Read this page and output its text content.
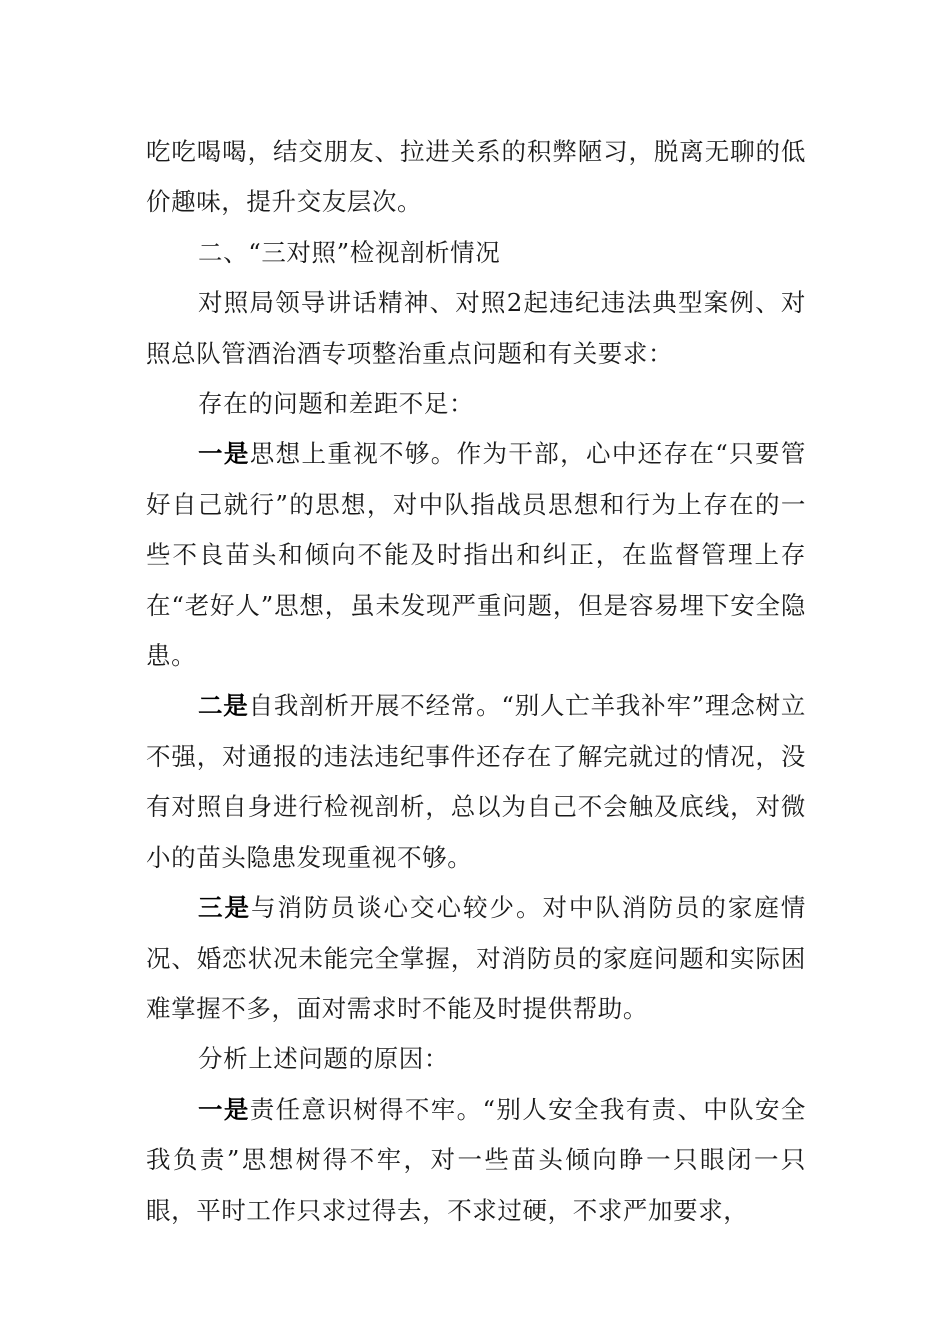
吃吃喝喝，结交朋友、拉进关系的积弊陋习，脱离无聊的低价趣味，提升交友层次。

二、“三对照”检视剖析情况

对照局领导讲话精神、对照2起违纪违法典型案例、对照总队管酒治酒专项整治重点问题和有关要求：

存在的问题和差距不足：

一是思想上重视不够。作为干部，心中还存在“只要管好自己就行”的思想，对中队指战员思想和行为上存在的一些不良苗头和倾向不能及时指出和纠正，在监督管理上存在“老好人”思想，虽未发现严重问题，但是容易埋下安全隐患。

二是自我剖析开展不经常。“别人亡羊我补牢”理念树立不强，对通报的违法违纪事件还存在了解完就过的情况，没有对照自身进行检视剖析，总以为自己不会触及底线，对微小的苗头隐患发现重视不够。

三是与消防员谈心交心较少。对中队消防员的家庭情况、婚恋状况未能完全掌握，对消防员的家庭问题和实际困难掌握不多，面对需求时不能及时提供帮助。

分析上述问题的原因：

一是责任意识树得不牢。“别人安全我有责、中队安全我负责”思想树得不牢，对一些苗头倾向睁一只眼闭一只眼，平时工作只求过得去，不求过硬，不求严加要求，
